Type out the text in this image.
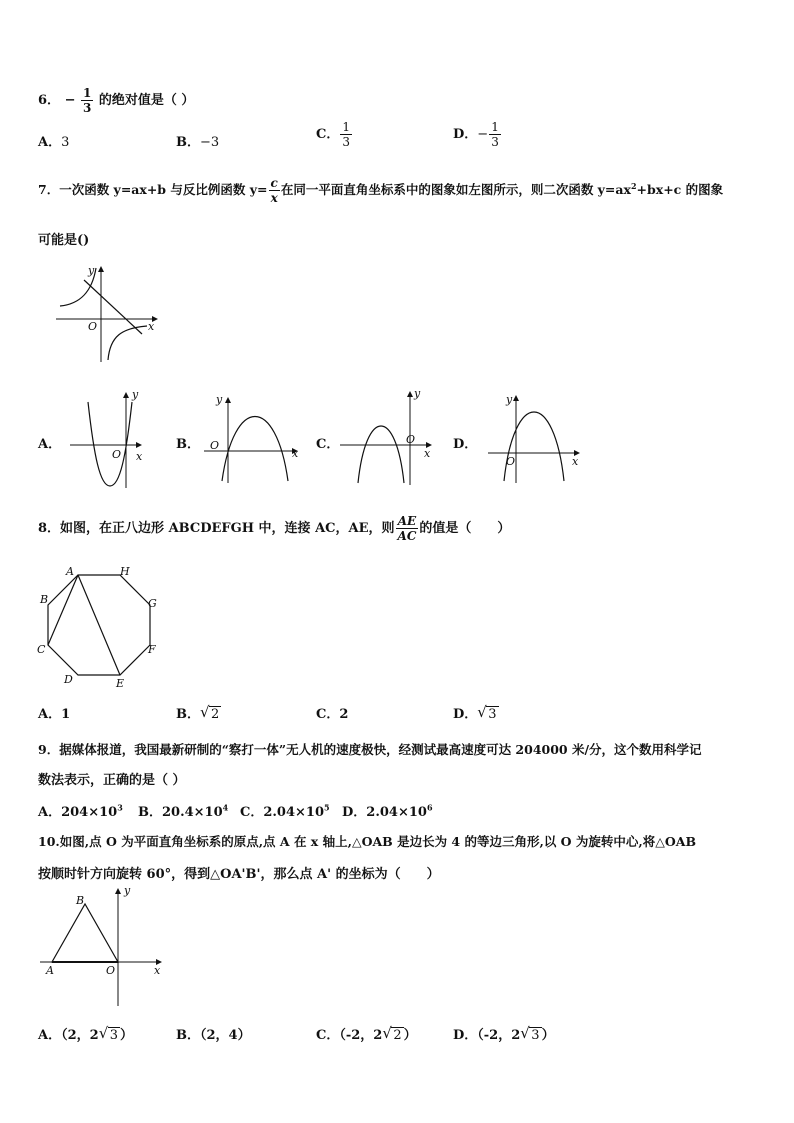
6． − $\frac{1}{3}$ 的绝对值是（ ）
A．3	B．−3
C． $\frac{1}{3}$	D．− $\frac{1}{3}$
7．一次函数 y=ax+b 与反比例函数 $y= \frac{c}{x}$ 在同一平面直角坐标系中的图象如左图所示，则二次函数 $y=ax^2+bx+c$ 的图象
可能是()
y
O	x
A．
y
O x
B．
y
O
x
C．
y
O
x
D．
y
O	x
8．如图，在正八边形 ABCDEFGH 中，连接 AC，AE，则 $\frac{AE}{AC}$ 的值是（　　）
A	H
G
F
E
D
C
B
A．1	B． √ 2	C．2	D． √ 3
9．据媒体报道，我国最新研制的“察打一体”无人机的速度极快，经测试最高速度可达 204000 米/分，这个数用科学记
数法表示，正确的是（ ）
A．$204\times 10^3$ B．$20.4\times 10^4$ C．$2.04\times 10^5$ D．$2.04\times 10^6$
10.如图,点 O 为平面直角坐标系的原点,点 A 在 x 轴上,△OAB 是边长为 4 的等边三角形,以 O 为旋转中心,将△OAB
按顺时针方向旋转 60°，得到△OA'B'，那么点 A' 的坐标为（　　）
B
A	O	x
y
A．（2，2 √ 3 ）	B．（2，4）	C．（-2，2 √ 2 ）	D．（-2，2 √ 3 ）
